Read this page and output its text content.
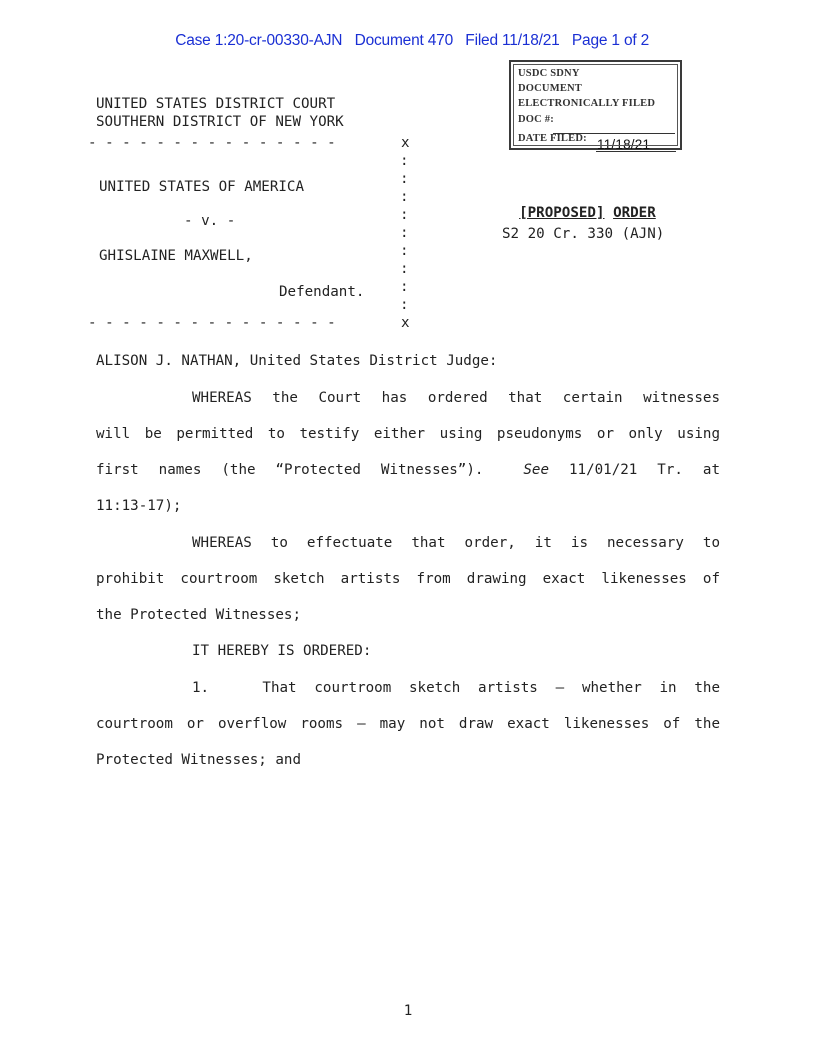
Case 1:20-cr-00330-AJN   Document 470   Filed 11/18/21   Page 1 of 2

USDC SDNY
DOCUMENT
ELECTRONICALLY FILED
DOC #:
DATE FILED: 11/18/21
UNITED STATES DISTRICT COURT
SOUTHERN DISTRICT OF NEW YORK
- - - - - - - - - - - - - - -	x
- - - - - - - - - - - - - - -	x
:
:
:
:
:
:
:
:
:
UNITED STATES OF AMERICA
- v. -
GHISLAINE MAXWELL,
Defendant.

[PROPOSED] ORDER

S2 20 Cr. 330 (AJN)
ALISON J. NATHAN, United States District Judge:
WHEREAS the Court has ordered that certain witnesses
will be permitted to testify either using pseudonyms or only using
first names (the “Protected Witnesses”).	See 11/01/21 Tr. at
11:13-17);
WHEREAS to effectuate that order, it is necessary to
prohibit courtroom sketch artists from drawing exact likenesses of
the Protected Witnesses;
IT HEREBY IS ORDERED:
1.   That courtroom sketch artists — whether in the
courtroom or overflow rooms — may not draw exact likenesses of the
Protected Witnesses; and
1
